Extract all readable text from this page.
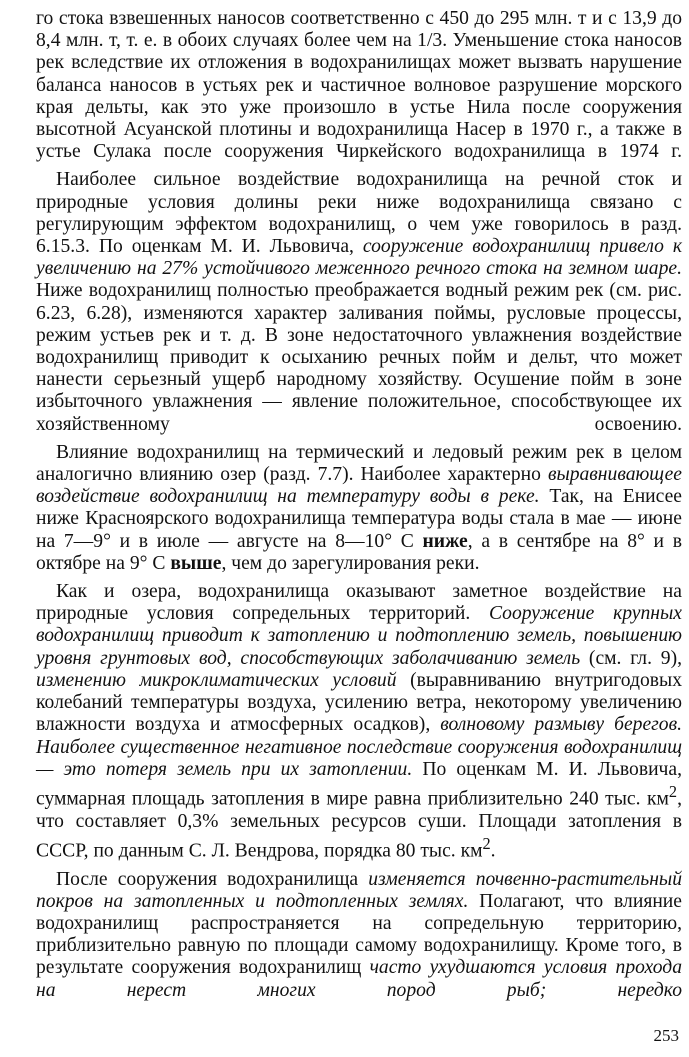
го стока взвешенных наносов соответственно с 450 до 295 млн. т и с 13,9 до 8,4 млн. т, т. е. в обоих случаях более чем на 1/3. Уменьшение стока наносов рек вследствие их отложения в водохранилищах может вызвать нарушение баланса наносов в устьях рек и частичное волновое разрушение морского края дельты, как это уже произошло в устье Нила после сооружения высотной Асуанской плотины и водохранилища Насер в 1970 г., а также в устье Сулака после сооружения Чиркейского водохранилища в 1974 г.

Наиболее сильное воздействие водохранилища на речной сток и природные условия долины реки ниже водохранилища связано с регулирующим эффектом водохранилищ, о чем уже говорилось в разд. 6.15.3. По оценкам М. И. Львовича, сооружение водохранилищ привело к увеличению на 27% устойчивого меженного речного стока на земном шаре. Ниже водохранилищ полностью преображается водный режим рек (см. рис. 6.23, 6.28), изменяются характер заливания поймы, русловые процессы, режим устьев рек и т. д. В зоне недостаточного увлажнения воздействие водохранилищ приводит к осыханию речных пойм и дельт, что может нанести серьезный ущерб народному хозяйству. Осушение пойм в зоне избыточного увлажнения — явление положительное, способствующее их хозяйственному освоению.

Влияние водохранилищ на термический и ледовый режим рек в целом аналогично влиянию озер (разд. 7.7). Наиболее характерно выравнивающее воздействие водохранилищ на температуру воды в реке. Так, на Енисее ниже Красноярского водохранилища температура воды стала в мае — июне на 7—9° и в июле — августе на 8—10° С ниже, а в сентябре на 8° и в октябре на 9° С выше, чем до зарегулирования реки.

Как и озера, водохранилища оказывают заметное воздействие на природные условия сопредельных территорий. Сооружение крупных водохранилищ приводит к затоплению и подтоплению земель, повышению уровня грунтовых вод, способствующих заболачиванию земель (см. гл. 9), изменению микроклиматических условий (выравниванию внутригодовых колебаний температуры воздуха, усилению ветра, некоторому увеличению влажности воздуха и атмосферных осадков), волновому размыву берегов. Наиболее существенное негативное последствие сооружения водохранилищ — это потеря земель при их затоплении. По оценкам М. И. Львовича, суммарная площадь затопления в мире равна приблизительно 240 тыс. $км^2$, что составляет 0,3% земельных ресурсов суши. Площади затопления в СССР, по данным С. Л. Вендрова, порядка 80 тыс. $км^2$.

После сооружения водохранилища изменяется почвенно-растительный покров на затопленных и подтопленных землях. Полагают, что влияние водохранилищ распространяется на сопредельную территорию, приблизительно равную по площади самому водохранилищу. Кроме того, в результате сооружения водохранилищ часто ухудшаются условия прохода на нерест многих пород рыб; нередко

253
